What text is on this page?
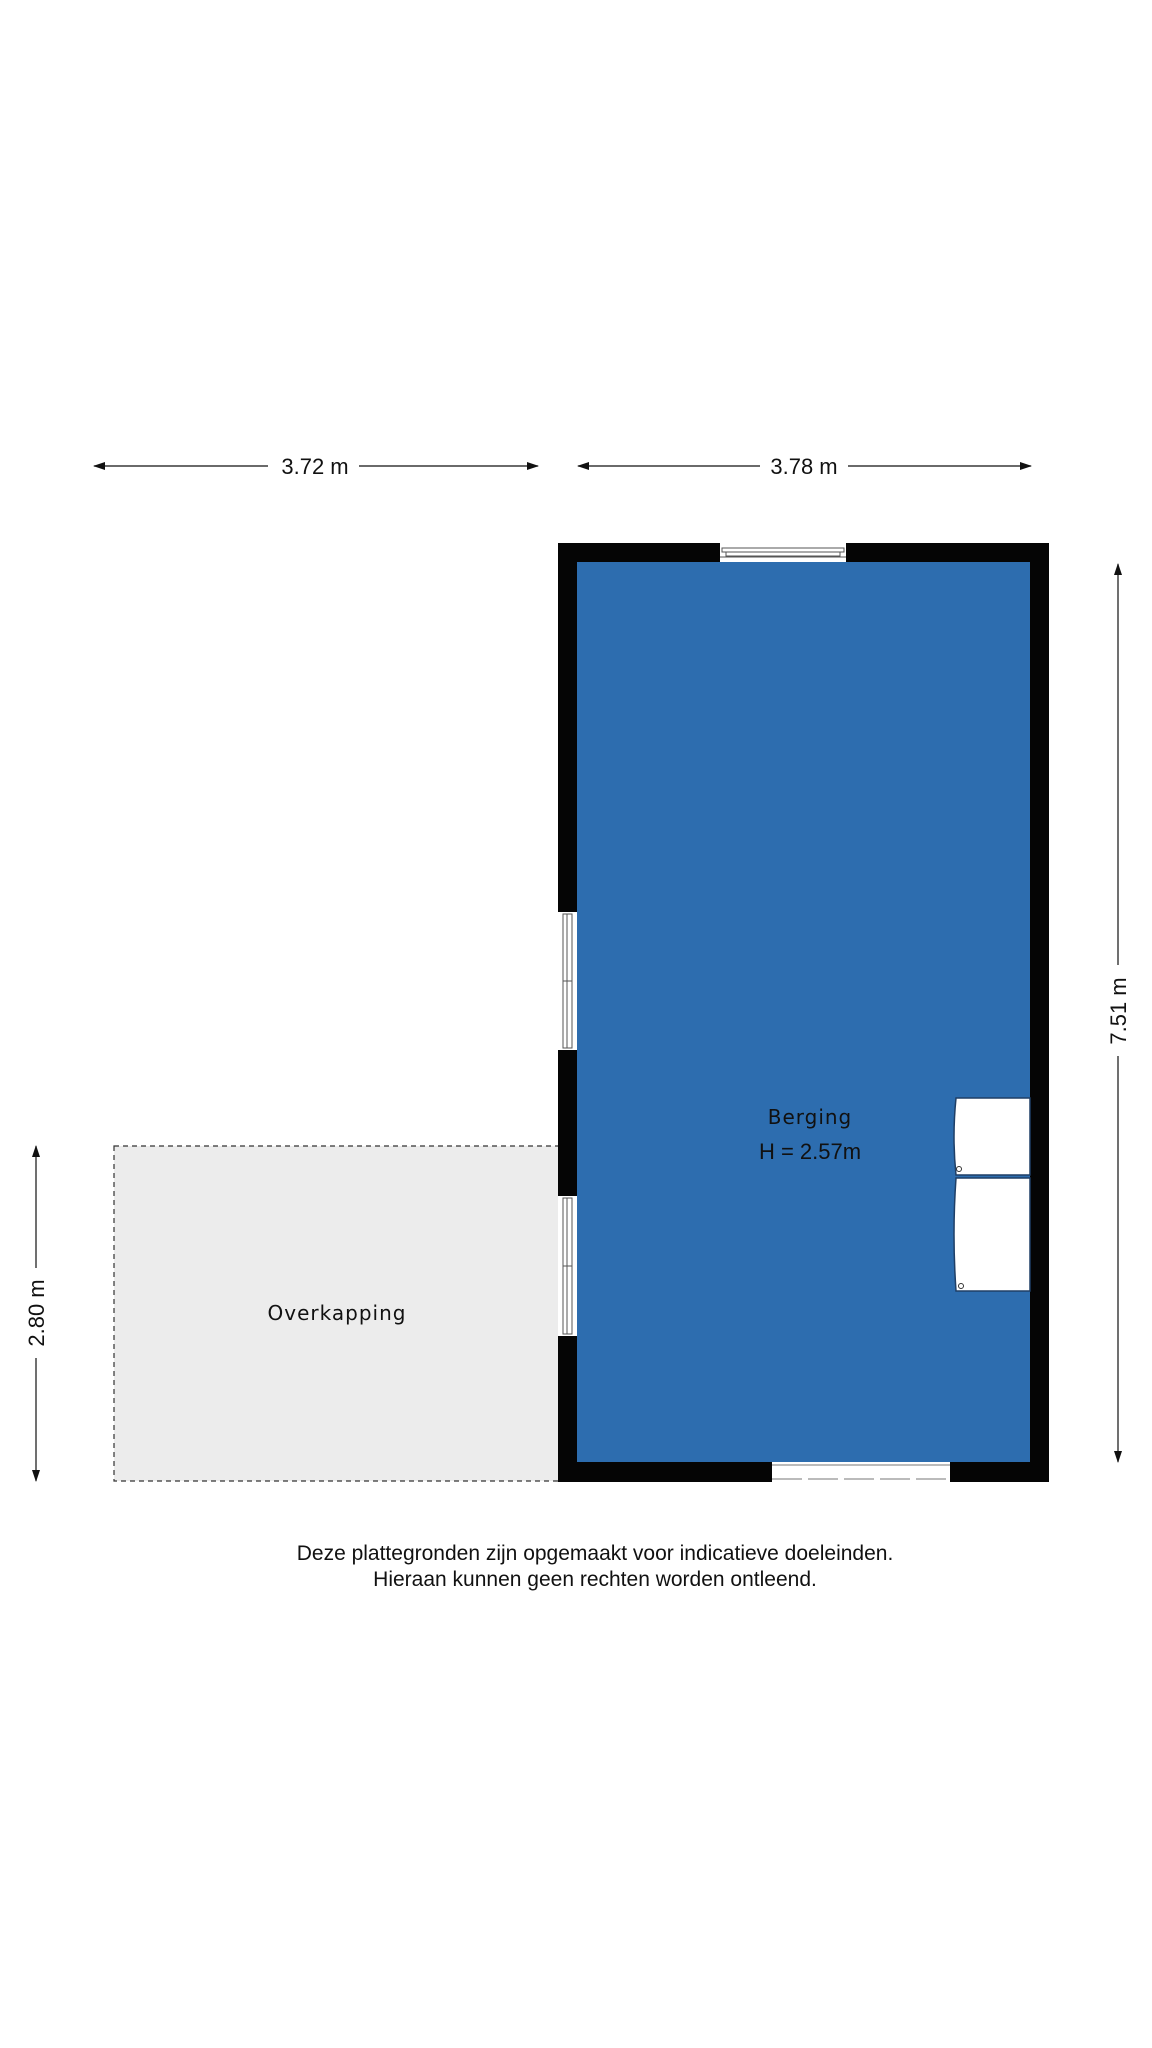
Overkapping
Berging
H = 2.57m
3.72 m	3.78 m
7.51 m
2.80 m
Deze plattegronden zijn opgemaakt voor indicatieve doeleinden.
Hieraan kunnen geen rechten worden ontleend.
